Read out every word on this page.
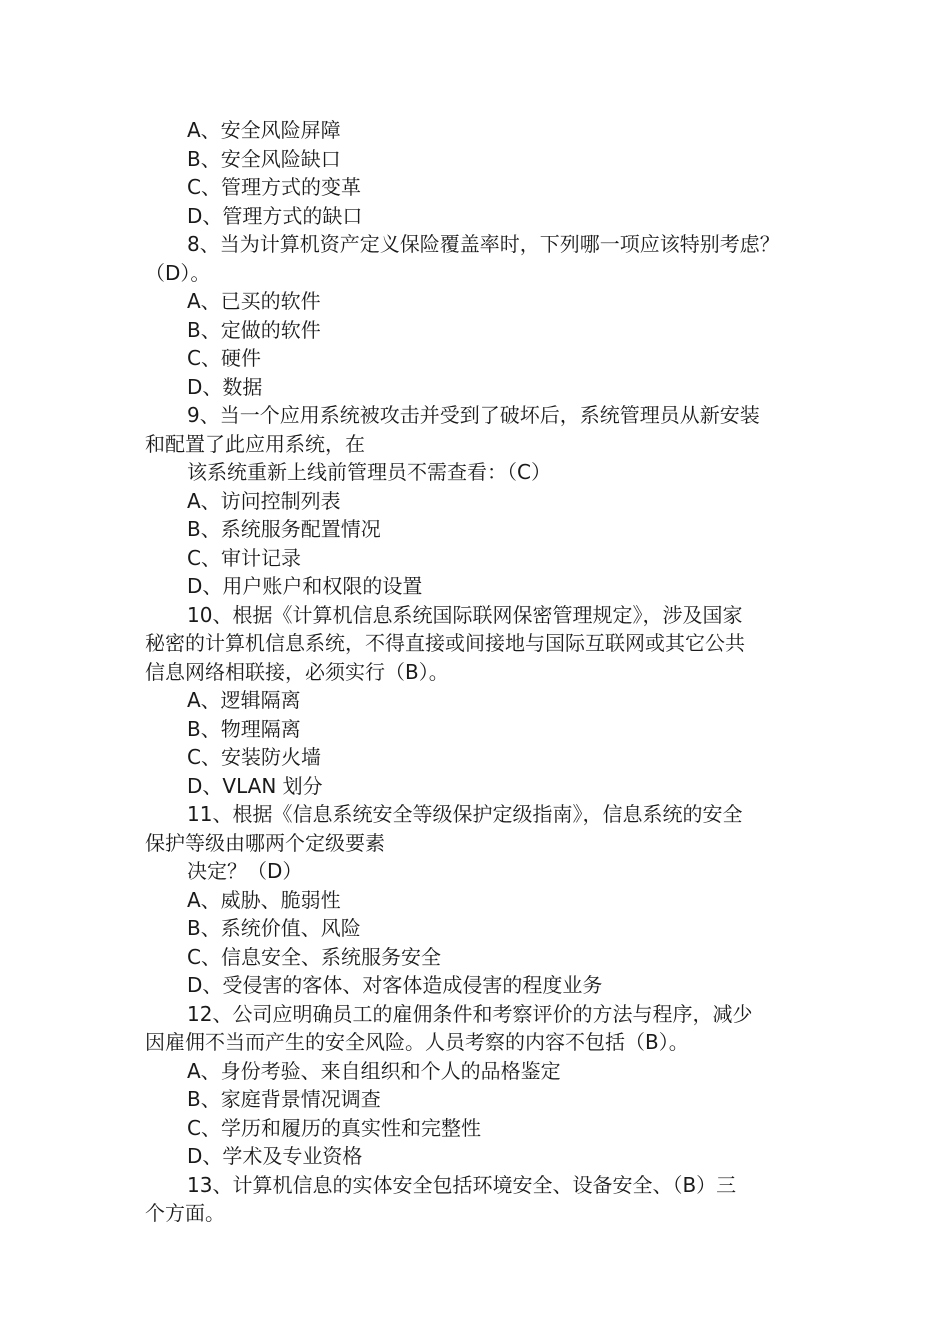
A、安全风险屏障
B、安全风险缺口
C、管理方式的变革
D、管理方式的缺口
8、当为计算机资产定义保险覆盖率时，下列哪一项应该特别考虑？
（D）。
A、已买的软件
B、定做的软件
C、硬件
D、数据
9、当一个应用系统被攻击并受到了破坏后，系统管理员从新安装
和配置了此应用系统，在
该系统重新上线前管理员不需查看：（C）
A、访问控制列表
B、系统服务配置情况
C、审计记录
D、用户账户和权限的设置
10、根据《计算机信息系统国际联网保密管理规定》，涉及国家
秘密的计算机信息系统，不得直接或间接地与国际互联网或其它公共
信息网络相联接，必须实行（B）。
A、逻辑隔离
B、物理隔离
C、安装防火墙
D、VLAN 划分
11、根据《信息系统安全等级保护定级指南》，信息系统的安全
保护等级由哪两个定级要素
决定？（D）
A、威胁、脆弱性
B、系统价值、风险
C、信息安全、系统服务安全
D、受侵害的客体、对客体造成侵害的程度业务
12、公司应明确员工的雇佣条件和考察评价的方法与程序，减少
因雇佣不当而产生的安全风险。人员考察的内容不包括（B）。
A、身份考验、来自组织和个人的品格鉴定
B、家庭背景情况调查
C、学历和履历的真实性和完整性
D、学术及专业资格
13、计算机信息的实体安全包括环境安全、设备安全、（B）三
个方面。
